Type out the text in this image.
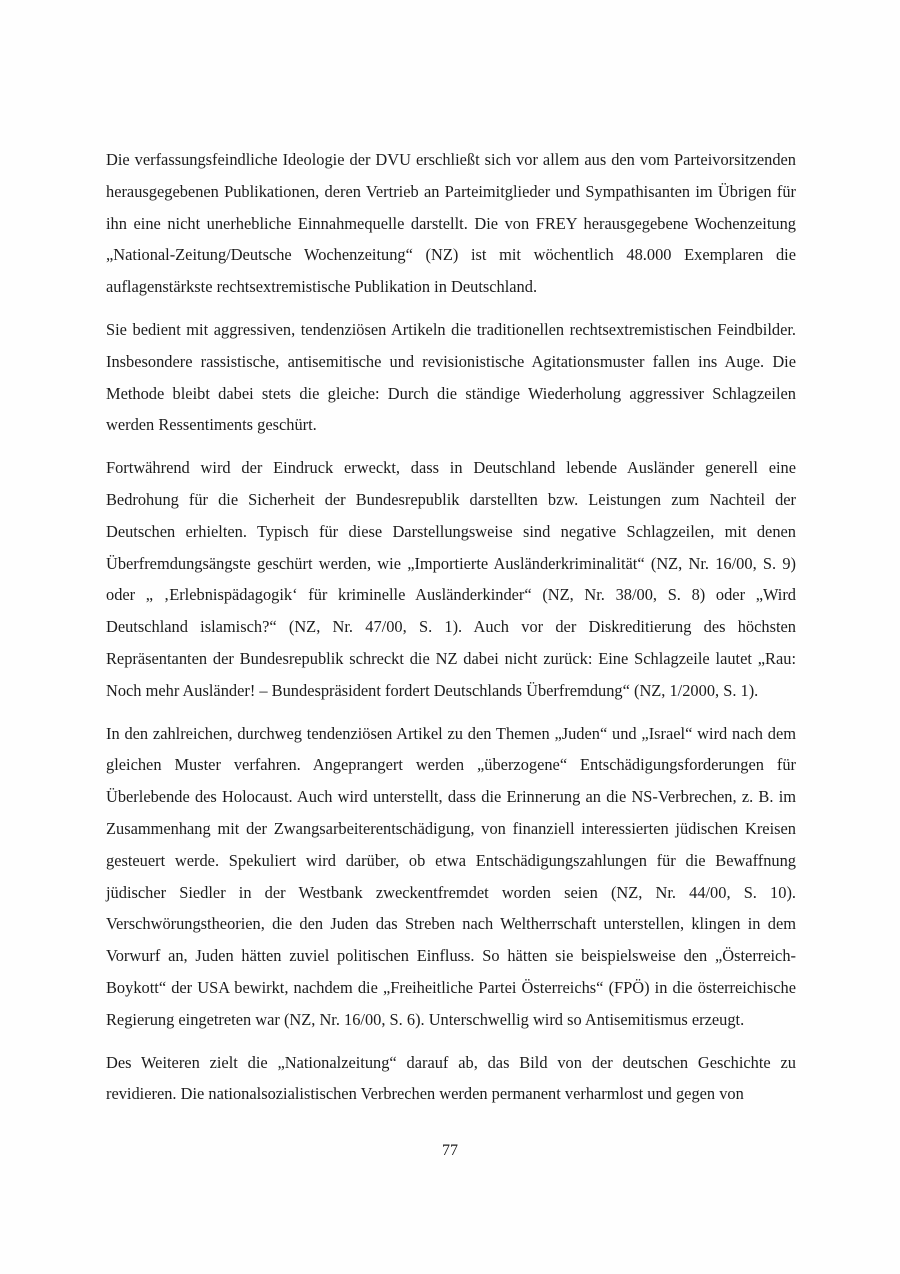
Die verfassungsfeindliche Ideologie der DVU erschließt sich vor allem aus den vom Parteivorsitzenden herausgegebenen Publikationen, deren Vertrieb an Parteimitglieder und Sympathisanten im Übrigen für ihn eine nicht unerhebliche Einnahmequelle darstellt. Die von FREY herausgegebene Wochenzeitung „National-Zeitung/Deutsche Wochenzeitung“ (NZ) ist mit wöchentlich 48.000 Exemplaren die auflagenstärkste rechtsextremistische Publikation in Deutschland.

Sie bedient mit aggressiven, tendenziösen Artikeln die traditionellen rechtsextremistischen Feindbilder. Insbesondere rassistische, antisemitische und revisionistische Agitationsmuster fallen ins Auge. Die Methode bleibt dabei stets die gleiche: Durch die ständige Wiederholung aggressiver Schlagzeilen werden Ressentiments geschürt.

Fortwährend wird der Eindruck erweckt, dass in Deutschland lebende Ausländer generell eine Bedrohung für die Sicherheit der Bundesrepublik darstellten bzw. Leistungen zum Nachteil der Deutschen erhielten. Typisch für diese Darstellungsweise sind negative Schlagzeilen, mit denen Überfremdungsängste geschürt werden, wie „Importierte Ausländerkriminalität“ (NZ, Nr. 16/00, S. 9) oder „ ‚Erlebnispädagogik‘ für kriminelle Ausländerkinder“ (NZ, Nr. 38/00, S. 8) oder „Wird Deutschland islamisch?“ (NZ, Nr. 47/00, S. 1). Auch vor der Diskreditierung des höchsten Repräsentanten der Bundesrepublik schreckt die NZ dabei nicht zurück: Eine Schlagzeile lautet „Rau: Noch mehr Ausländer! – Bundespräsident fordert Deutschlands Überfremdung“ (NZ, 1/2000, S. 1).

In den zahlreichen, durchweg tendenziösen Artikel zu den Themen „Juden“ und „Israel“ wird nach dem gleichen Muster verfahren. Angeprangert werden „überzogene“ Entschädigungsforderungen für Überlebende des Holocaust. Auch wird unterstellt, dass die Erinnerung an die NS-Verbrechen, z. B. im Zusammenhang mit der Zwangsarbeiterentschädigung, von finanziell interessierten jüdischen Kreisen gesteuert werde. Spekuliert wird darüber, ob etwa Entschädigungszahlungen für die Bewaffnung jüdischer Siedler in der Westbank zweckentfremdet worden seien (NZ, Nr. 44/00, S. 10). Verschwörungstheorien, die den Juden das Streben nach Weltherrschaft unterstellen, klingen in dem Vorwurf an, Juden hätten zuviel politischen Einfluss. So hätten sie beispielsweise den „Österreich-Boykott“ der USA bewirkt, nachdem die „Freiheitliche Partei Österreichs“ (FPÖ) in die österreichische Regierung eingetreten war (NZ, Nr. 16/00, S. 6). Unterschwellig wird so Antisemitismus erzeugt.

Des Weiteren zielt die „Nationalzeitung“ darauf ab, das Bild von der deutschen Geschichte zu revidieren. Die nationalsozialistischen Verbrechen werden permanent verharmlost und gegen von

77
